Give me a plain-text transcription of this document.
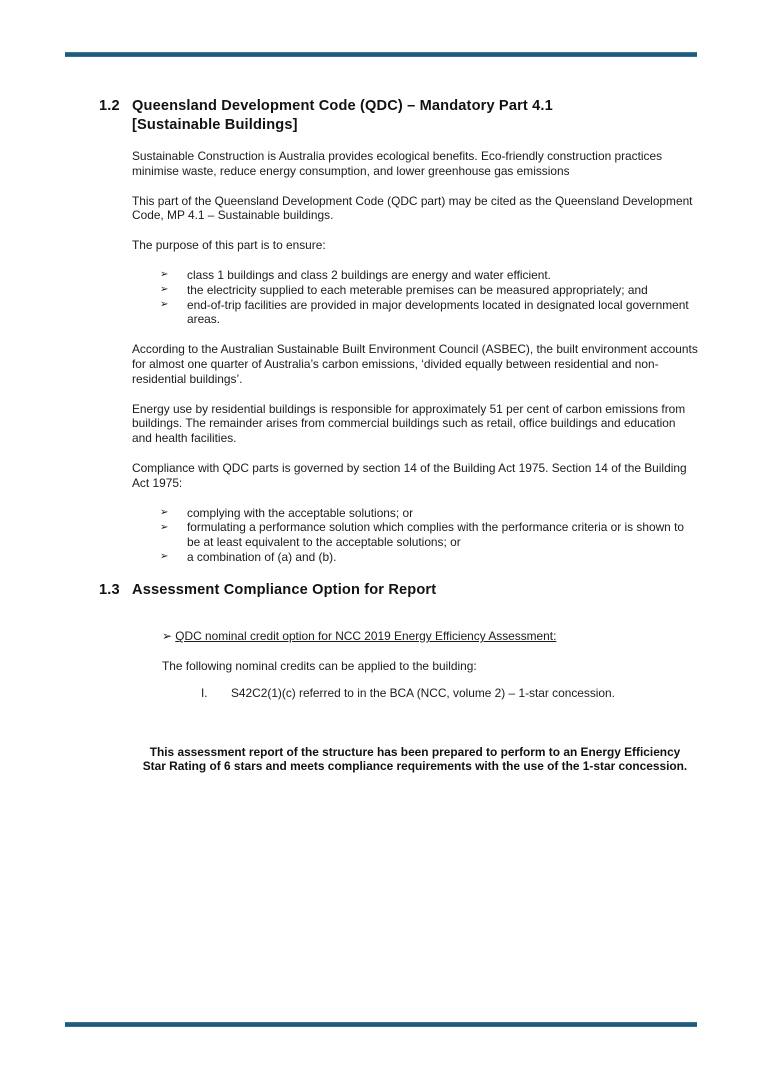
1.2 Queensland Development Code (QDC) – Mandatory Part 4.1
[Sustainable Buildings]

Sustainable Construction is Australia provides ecological benefits. Eco-friendly construction practices minimise waste, reduce energy consumption, and lower greenhouse gas emissions

This part of the Queensland Development Code (QDC part) may be cited as the Queensland Development Code, MP 4.1 – Sustainable buildings.

The purpose of this part is to ensure:

➢ class 1 buildings and class 2 buildings are energy and water efficient.
➢ the electricity supplied to each meterable premises can be measured appropriately; and
➢ end-of-trip facilities are provided in major developments located in designated local government areas.

According to the Australian Sustainable Built Environment Council (ASBEC), the built environment accounts for almost one quarter of Australia’s carbon emissions, ‘divided equally between residential and non-residential buildings’.

Energy use by residential buildings is responsible for approximately 51 per cent of carbon emissions from buildings. The remainder arises from commercial buildings such as retail, office buildings and education and health facilities.

Compliance with QDC parts is governed by section 14 of the Building Act 1975. Section 14 of the Building Act 1975:

➢ complying with the acceptable solutions; or
➢ formulating a performance solution which complies with the performance criteria or is shown to be at least equivalent to the acceptable solutions; or
➢ a combination of (a) and (b).
1.3 Assessment Compliance Option for Report
➢ QDC nominal credit option for NCC 2019 Energy Efficiency Assessment:

The following nominal credits can be applied to the building:

I.	S42C2(1)(c) referred to in the BCA (NCC, volume 2) – 1-star concession.
This assessment report of the structure has been prepared to perform to an Energy Efficiency
Star Rating of 6 stars and meets compliance requirements with the use of the 1-star concession.
